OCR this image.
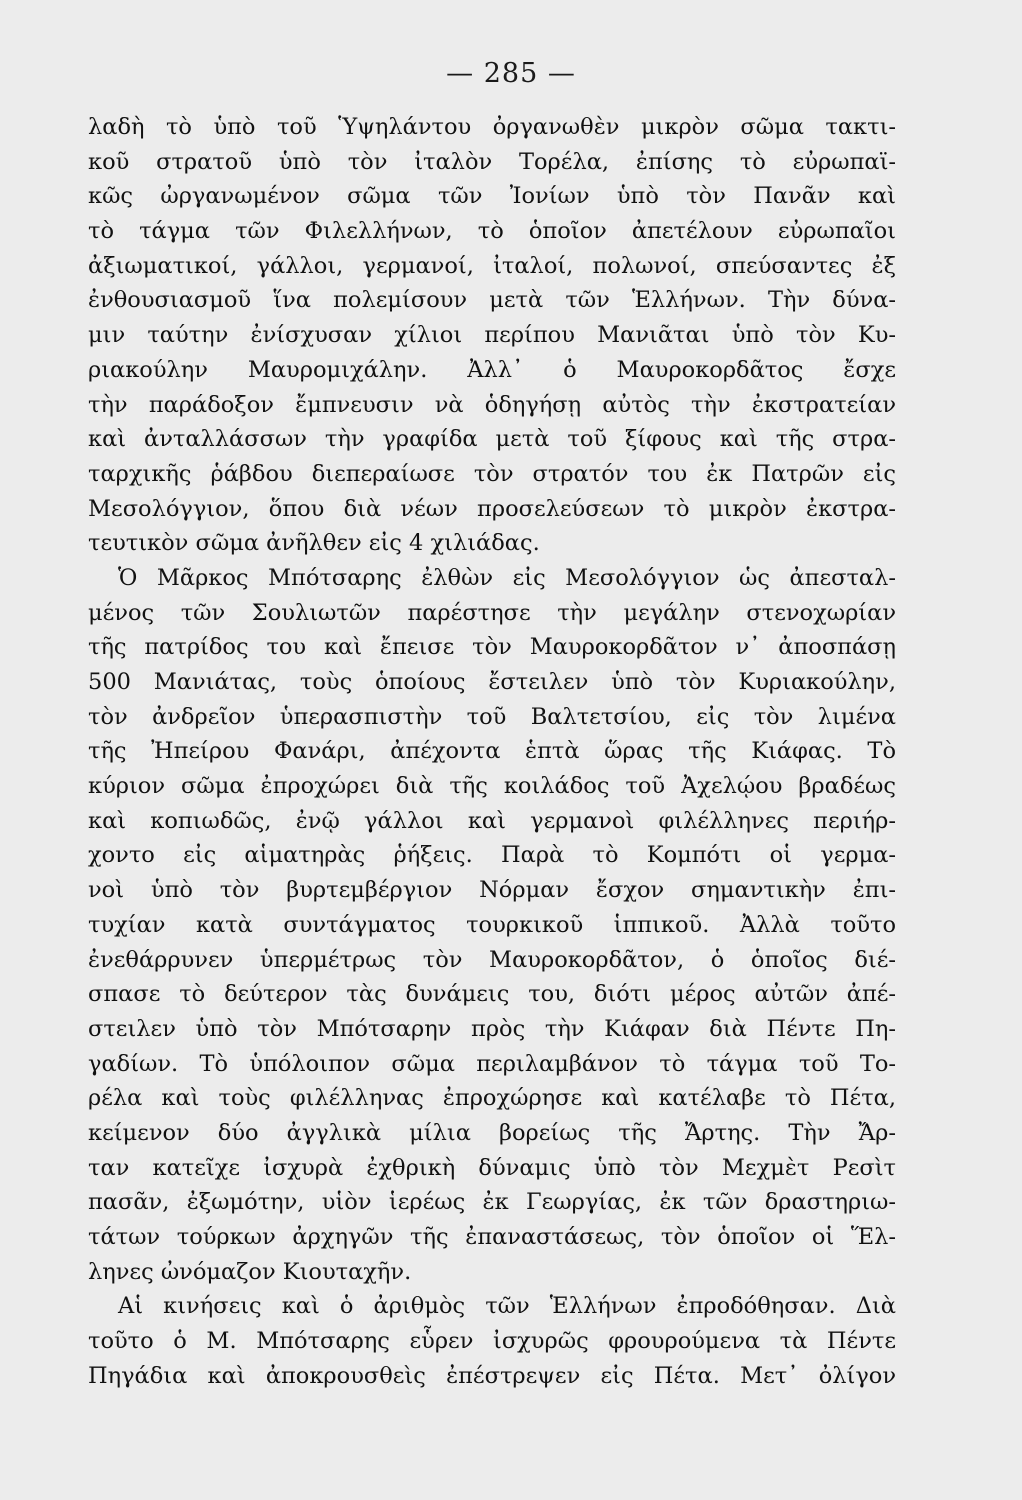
— 285 —
λαδὴ τὸ ὑπὸ τοῦ Ὑψηλάντου ὀργανωθὲν μικρὸν σῶμα τακτι-
κοῦ στρατοῦ ὑπὸ τὸν ἰταλὸν Τορέλα, ἐπίσης τὸ εὐρωπαϊ-
κῶς ὠργανωμένον σῶμα τῶν Ἰονίων ὑπὸ τὸν Πανᾶν καὶ
τὸ τάγμα τῶν Φιλελλήνων, τὸ ὁποῖον ἀπετέλουν εὐρωπαῖοι
ἀξιωματικοί, γάλλοι, γερμανοί, ἰταλοί, πολωνοί, σπεύσαντες ἐξ
ἐνθουσιασμοῦ ἵνα πολεμίσουν μετὰ τῶν Ἑλλήνων. Τὴν δύνα-
μιν ταύτην ἐνίσχυσαν χίλιοι περίπου Μανιᾶται ὑπὸ τὸν Κυ-
ριακούλην Μαυρομιχάλην. Ἀλλ᾽ ὁ Μαυροκορδᾶτος ἔσχε
τὴν παράδοξον ἔμπνευσιν νὰ ὁδηγήσῃ αὐτὸς τὴν ἐκστρατείαν
καὶ ἀνταλλάσσων τὴν γραφίδα μετὰ τοῦ ξίφους καὶ τῆς στρα-
ταρχικῆς ῥάβδου διεπεραίωσε τὸν στρατόν του ἐκ Πατρῶν εἰς
Μεσολόγγιον, ὅπου διὰ νέων προσελεύσεων τὸ μικρὸν ἐκστρα-
τευτικὸν σῶμα ἀνῆλθεν εἰς 4 χιλιάδας.
Ὁ Μᾶρκος Μπότσαρης ἐλθὼν εἰς Μεσολόγγιον ὡς ἀπεσταλ-
μένος τῶν Σουλιωτῶν παρέστησε τὴν μεγάλην στενοχωρίαν
τῆς πατρίδος του καὶ ἔπεισε τὸν Μαυροκορδᾶτον ν᾽ ἀποσπάσῃ
500 Μανιάτας, τοὺς ὁποίους ἔστειλεν ὑπὸ τὸν Κυριακούλην,
τὸν ἀνδρεῖον ὑπερασπιστὴν τοῦ Βαλτετσίου, εἰς τὸν λιμένα
τῆς Ἠπείρου Φανάρι, ἀπέχοντα ἑπτὰ ὥρας τῆς Κιάφας. Τὸ
κύριον σῶμα ἐπροχώρει διὰ τῆς κοιλάδος τοῦ Ἀχελῴου βραδέως
καὶ κοπιωδῶς, ἐνῷ γάλλοι καὶ γερμανοὶ φιλέλληνες περιήρ-
χοντο εἰς αἱματηρὰς ῥήξεις. Παρὰ τὸ Κομπότι οἱ γερμα-
νοὶ ὑπὸ τὸν βυρτεμβέργιον Νόρμαν ἔσχον σημαντικὴν ἐπι-
τυχίαν κατὰ συντάγματος τουρκικοῦ ἱππικοῦ. Ἀλλὰ τοῦτο
ἐνεθάρρυνεν ὑπερμέτρως τὸν Μαυροκορδᾶτον, ὁ ὁποῖος διέ-
σπασε τὸ δεύτερον τὰς δυνάμεις του, διότι μέρος αὐτῶν ἀπέ-
στειλεν ὑπὸ τὸν Μπότσαρην πρὸς τὴν Κιάφαν διὰ Πέντε Πη-
γαδίων. Τὸ ὑπόλοιπον σῶμα περιλαμβάνον τὸ τάγμα τοῦ Το-
ρέλα καὶ τοὺς φιλέλληνας ἐπροχώρησε καὶ κατέλαβε τὸ Πέτα,
κείμενον δύο ἀγγλικὰ μίλια βορείως τῆς Ἄρτης. Τὴν Ἄρ-
ταν κατεῖχε ἰσχυρὰ ἐχθρικὴ δύναμις ὑπὸ τὸν Μεχμὲτ Ρεσὶτ
πασᾶν, ἐξωμότην, υἱὸν ἱερέως ἐκ Γεωργίας, ἐκ τῶν δραστηριω-
τάτων τούρκων ἀρχηγῶν τῆς ἐπαναστάσεως, τὸν ὁποῖον οἱ Ἕλ-
ληνες ὠνόμαζον Κιουταχῆν.
Αἱ κινήσεις καὶ ὁ ἀριθμὸς τῶν Ἑλλήνων ἐπροδόθησαν. Διὰ
τοῦτο ὁ Μ. Μπότσαρης εὗρεν ἰσχυρῶς φρουρούμενα τὰ Πέντε
Πηγάδια καὶ ἀποκρουσθεὶς ἐπέστρεψεν εἰς Πέτα. Μετ᾽ ὀλίγον
